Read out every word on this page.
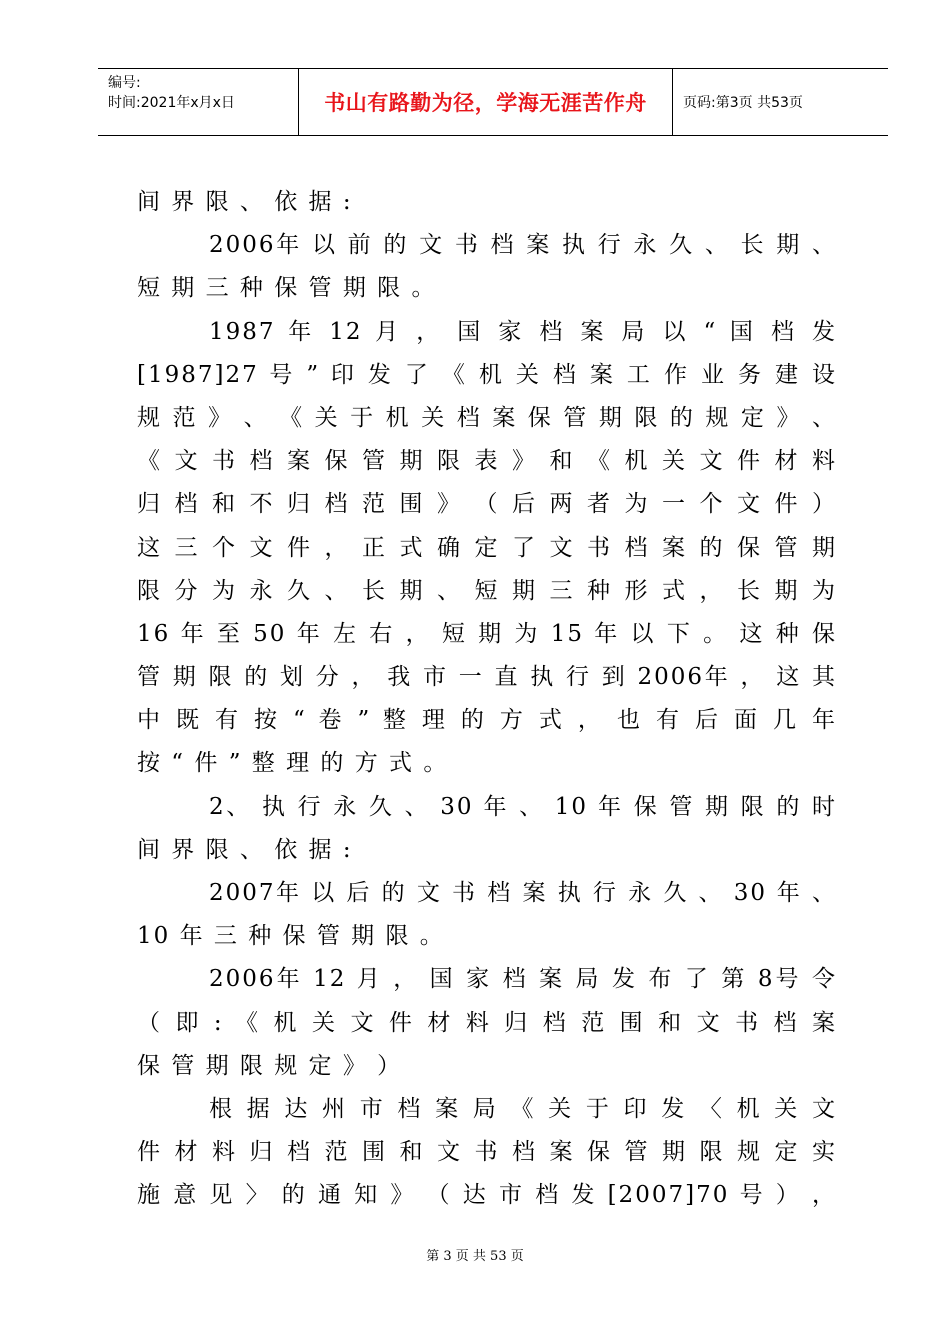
编号:
时间:2021年x月x日	书山有路勤为径，学海无涯苦作舟	页码:第3页 共53页
间 界 限 、 依 据 :
2006年 以 前 的 文 书 档 案 执 行 永 久 、 长 期 、
短 期 三 种 保 管 期 限 。
1987 年 12 月 ， 国 家 档 案 局 以 “ 国 档 发
[1987]27 号 ” 印 发 了 《 机 关 档 案 工 作 业 务 建 设
规 范 》 、 《 关 于 机 关 档 案 保 管 期 限 的 规 定 》 、
《 文 书 档 案 保 管 期 限 表 》 和 《 机 关 文 件 材 料
归 档 和 不 归 档 范 围 》 （ 后 两 者 为 一 个 文 件 ）
这 三 个 文 件 ， 正 式 确 定 了 文 书 档 案 的 保 管 期
限 分 为 永 久 、 长 期 、 短 期 三 种 形 式 ， 长 期 为
16 年 至 50 年 左 右 ， 短 期 为 15 年 以 下 。 这 种 保
管 期 限 的 划 分 ， 我 市 一 直 执 行 到 2006年 ， 这 其
中 既 有 按 “ 卷 ” 整 理 的 方 式 ， 也 有 后 面 几 年
按 “ 件 ” 整 理 的 方 式 。
2、 执 行 永 久 、 30 年 、 10 年 保 管 期 限 的 时
间 界 限 、 依 据 :
2007年 以 后 的 文 书 档 案 执 行 永 久 、 30 年 、
10 年 三 种 保 管 期 限 。
2006年 12 月 ， 国 家 档 案 局 发 布 了 第 8号 令
（ 即 : 《 机 关 文 件 材 料 归 档 范 围 和 文 书 档 案
保 管 期 限 规 定 》 ）
根 据 达 州 市 档 案 局 《 关 于 印 发 〈 机 关 文
件 材 料 归 档 范 围 和 文 书 档 案 保 管 期 限 规 定 实
施 意 见 〉 的 通 知 》 （ 达 市 档 发 [2007]70 号 ） ，
第 3 页 共 53 页
